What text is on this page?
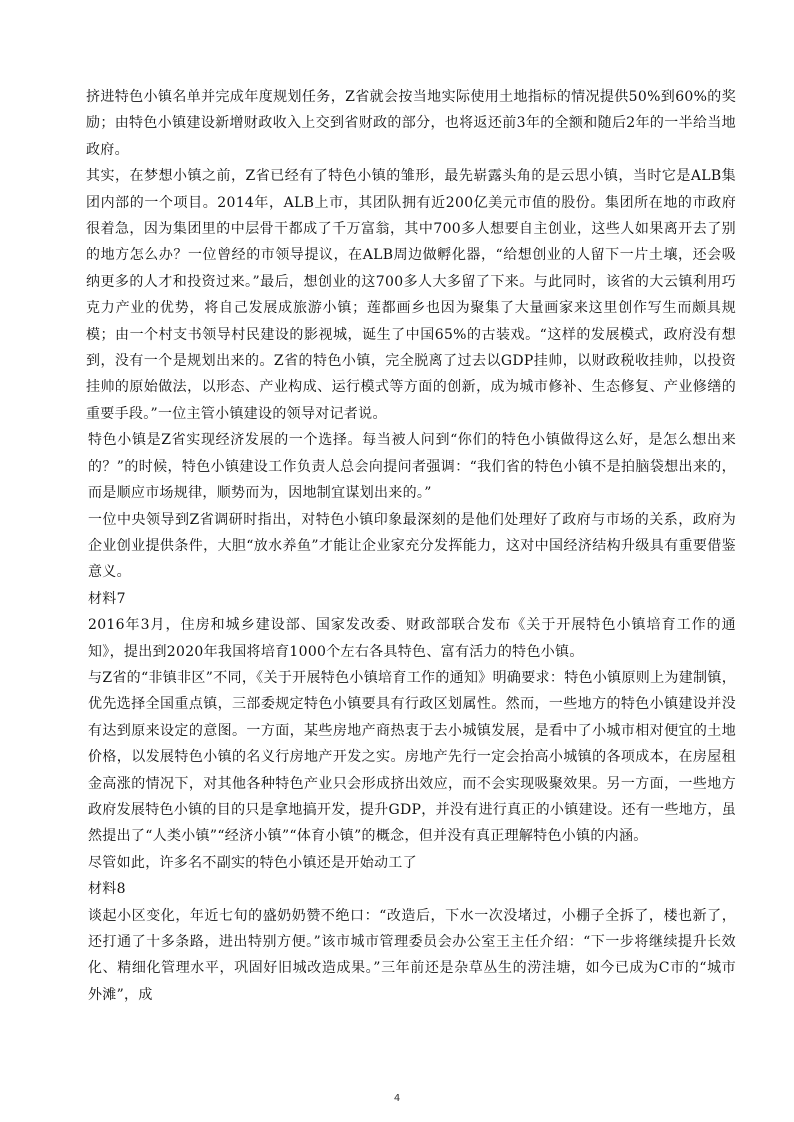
挤进特色小镇名单并完成年度规划任务，Z省就会按当地实际使用土地指标的情况提供50%到60%的奖励；由特色小镇建设新增财政收入上交到省财政的部分，也将返还前3年的全额和随后2年的一半给当地政府。

其实，在梦想小镇之前，Z省已经有了特色小镇的雏形，最先崭露头角的是云思小镇，当时它是ALB集团内部的一个项目。2014年，ALB上市，其团队拥有近200亿美元市值的股份。集团所在地的市政府很着急，因为集团里的中层骨干都成了千万富翁，其中700多人想要自主创业，这些人如果离开去了别的地方怎么办？一位曾经的市领导提议，在ALB周边做孵化器，“给想创业的人留下一片土壤，还会吸纳更多的人才和投资过来。”最后，想创业的这700多人大多留了下来。与此同时，该省的大云镇利用巧克力产业的优势，将自己发展成旅游小镇；莲都画乡也因为聚集了大量画家来这里创作写生而颇具规模；由一个村支书领导村民建设的影视城，诞生了中国65%的古装戏。“这样的发展模式，政府没有想到，没有一个是规划出来的。Z省的特色小镇，完全脱离了过去以GDP挂帅，以财政税收挂帅，以投资挂帅的原始做法，以形态、产业构成、运行模式等方面的创新，成为城市修补、生态修复、产业修缮的重要手段。”一位主管小镇建设的领导对记者说。

特色小镇是Z省实现经济发展的一个选择。每当被人问到“你们的特色小镇做得这么好，是怎么想出来的？”的时候，特色小镇建设工作负责人总会向提问者强调：“我们省的特色小镇不是拍脑袋想出来的，而是顺应市场规律，顺势而为，因地制宜谋划出来的。”

一位中央领导到Z省调研时指出，对特色小镇印象最深刻的是他们处理好了政府与市场的关系，政府为企业创业提供条件，大胆“放水养鱼”才能让企业家充分发挥能力，这对中国经济结构升级具有重要借鉴意义。

材料7

2016年3月，住房和城乡建设部、国家发改委、财政部联合发布《关于开展特色小镇培育工作的通知》，提出到2020年我国将培育1000个左右各具特色、富有活力的特色小镇。

与Z省的“非镇非区”不同，《关于开展特色小镇培育工作的通知》明确要求：特色小镇原则上为建制镇，优先选择全国重点镇，三部委规定特色小镇要具有行政区划属性。然而，一些地方的特色小镇建设并没有达到原来设定的意图。一方面，某些房地产商热衷于去小城镇发展，是看中了小城市相对便宜的土地价格，以发展特色小镇的名义行房地产开发之实。房地产先行一定会抬高小城镇的各项成本，在房屋租金高涨的情况下，对其他各种特色产业只会形成挤出效应，而不会实现吸聚效果。另一方面，一些地方政府发展特色小镇的目的只是拿地搞开发，提升GDP，并没有进行真正的小镇建设。还有一些地方，虽然提出了“人类小镇”“经济小镇”“体育小镇”的概念，但并没有真正理解特色小镇的内涵。

尽管如此，许多名不副实的特色小镇还是开始动工了

材料8

谈起小区变化，年近七旬的盛奶奶赞不绝口：“改造后，下水一次没堵过，小棚子全拆了，楼也新了，还打通了十多条路，进出特别方便。”该市城市管理委员会办公室王主任介绍：“下一步将继续提升长效化、精细化管理水平，巩固好旧城改造成果。”三年前还是杂草丛生的涝洼塘，如今已成为C市的“城市外滩”，成

4
